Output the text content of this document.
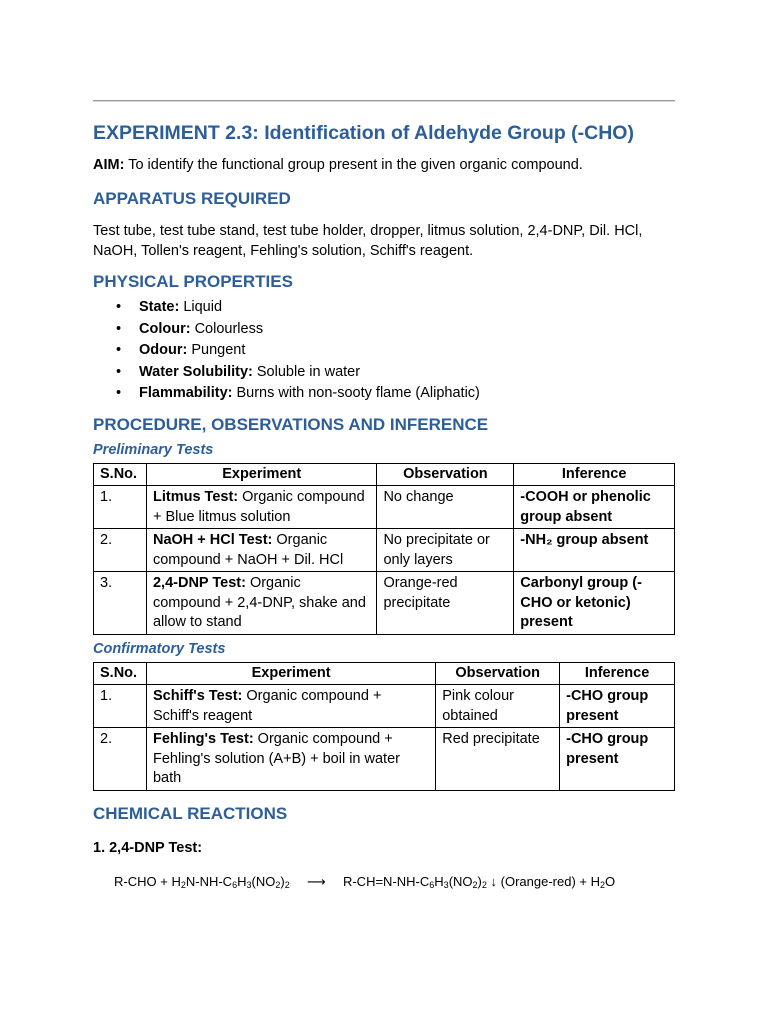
EXPERIMENT 2.3: Identification of Aldehyde Group (-CHO)
AIM: To identify the functional group present in the given organic compound.
APPARATUS REQUIRED

Test tube, test tube stand, test tube holder, dropper, litmus solution, 2,4-DNP, Dil. HCl, NaOH, Tollen's reagent, Fehling's solution, Schiff's reagent.

PHYSICAL PROPERTIES
• State: Liquid
• Colour: Colourless
• Odour: Pungent
• Water Solubility: Soluble in water
• Flammability: Burns with non-sooty flame (Aliphatic)
PROCEDURE, OBSERVATIONS AND INFERENCE
Preliminary Tests
S.No.	Experiment	Observation	Inference
1.	Litmus Test: Organic compound + Blue litmus solution	No change	-COOH or phenolic group absent
2.	NaOH + HCl Test: Organic compound + NaOH + Dil. HCl	No precipitate or only layers	-NH₂ group absent
3.	2,4-DNP Test: Organic compound + 2,4-DNP, shake and allow to stand	Orange-red precipitate	Carbonyl group (-CHO or ketonic) present
Confirmatory Tests
S.No.	Experiment	Observation	Inference
1.	Schiff's Test: Organic compound + Schiff's reagent	Pink colour obtained	-CHO group present
2.	Fehling's Test: Organic compound + Fehling's solution (A+B) + boil in water bath	Red precipitate	-CHO group present
CHEMICAL REACTIONS
1. 2,4-DNP Test:
$R-CHO + H_2N-NH-C_6H_3(NO_2)_2$ ⟶ $R-CH=N-NH-C_6H_3(NO_2)_2$ ↓ (Orange-red) + $H_2O$
